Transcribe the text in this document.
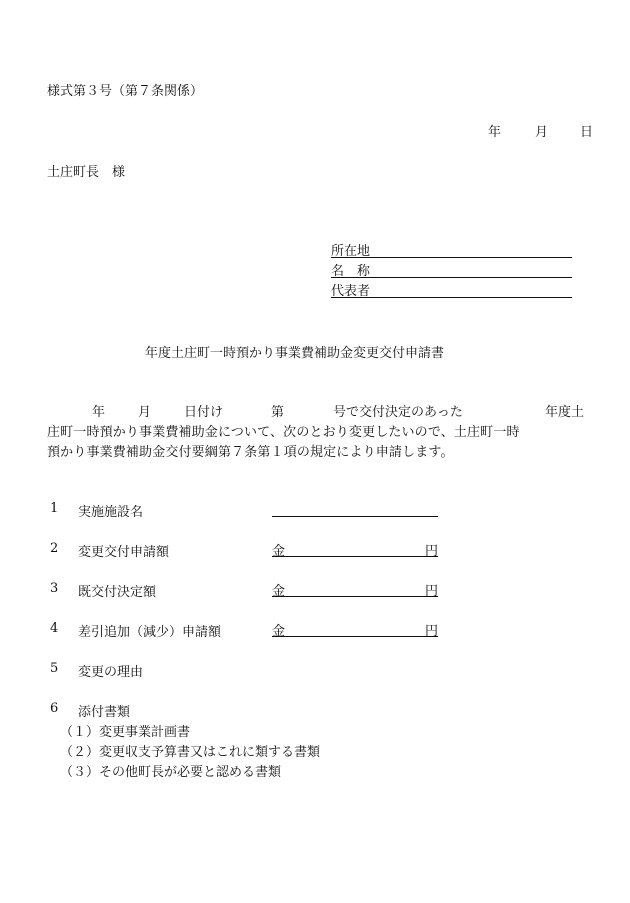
様式第３号（第７条関係）
年	月 日
土庄町長　様
所在地
名　称
代表者
年度土庄町一時預かり事業費補助金変更交付申請書
年	月	日付け	第	号で交付決定のあった	年度土
庄町一時預かり事業費補助金について、次のとおり変更したいので、土庄町一時
預かり事業費補助金交付要綱第７条第１項の規定により申請します。
1 実施施設名
2 変更交付申請額	金	円
3 既交付決定額	金	円
4 差引追加（減少）申請額	金	円
5 変更の理由
6 添付書類
（１）変更事業計画書
（２）変更収支予算書又はこれに類する書類
（３）その他町長が必要と認める書類
